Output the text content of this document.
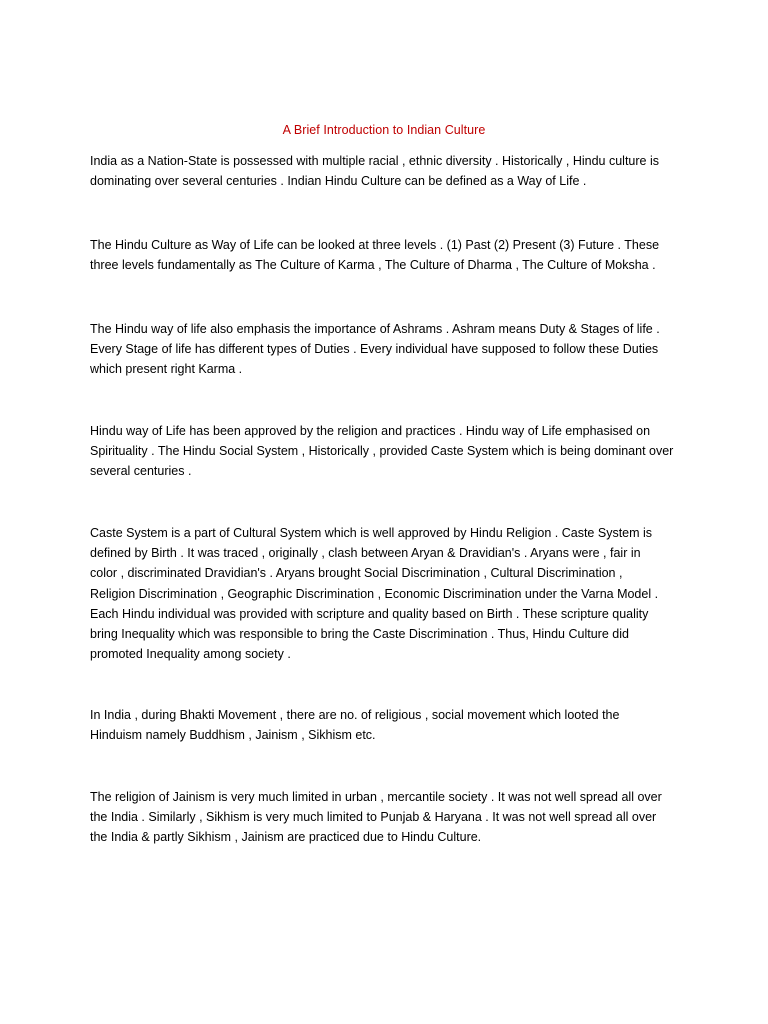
A Brief Introduction to Indian Culture
India as a Nation-State is possessed with multiple racial , ethnic diversity . Historically , Hindu culture is
dominating over several centuries . Indian Hindu Culture can be defined as a Way of Life .
The Hindu Culture as Way of Life can be looked at three levels . (1) Past (2) Present (3) Future . These
three levels fundamentally as The Culture of Karma , The Culture of Dharma , The Culture of Moksha .
The Hindu way of life also emphasis the importance of Ashrams . Ashram means Duty & Stages of life .
Every Stage of life has different types of Duties . Every individual have supposed to follow these Duties
which present right Karma .
Hindu way of Life has been approved by the religion and practices . Hindu way of Life emphasised on
Spirituality . The Hindu Social System , Historically , provided Caste System which is being dominant over
several centuries .
Caste System is a part of Cultural System which is well approved by Hindu Religion . Caste System is
defined by Birth . It was traced , originally , clash between Aryan & Dravidian's . Aryans were , fair in
color , discriminated Dravidian's . Aryans brought Social Discrimination , Cultural Discrimination ,
Religion Discrimination , Geographic Discrimination , Economic Discrimination under the Varna Model .
Each Hindu individual was provided with scripture and quality based on Birth . These scripture quality
bring Inequality which was responsible to bring the Caste Discrimination . Thus, Hindu Culture did
promoted Inequality among society .
In India , during Bhakti Movement , there are no. of religious , social movement which looted the
Hinduism namely Buddhism , Jainism , Sikhism etc.
The religion of Jainism is very much limited in urban , mercantile society . It was not well spread all over
the India . Similarly , Sikhism is very much limited to Punjab & Haryana . It was not well spread all over
the India & partly Sikhism , Jainism are practiced due to Hindu Culture.
